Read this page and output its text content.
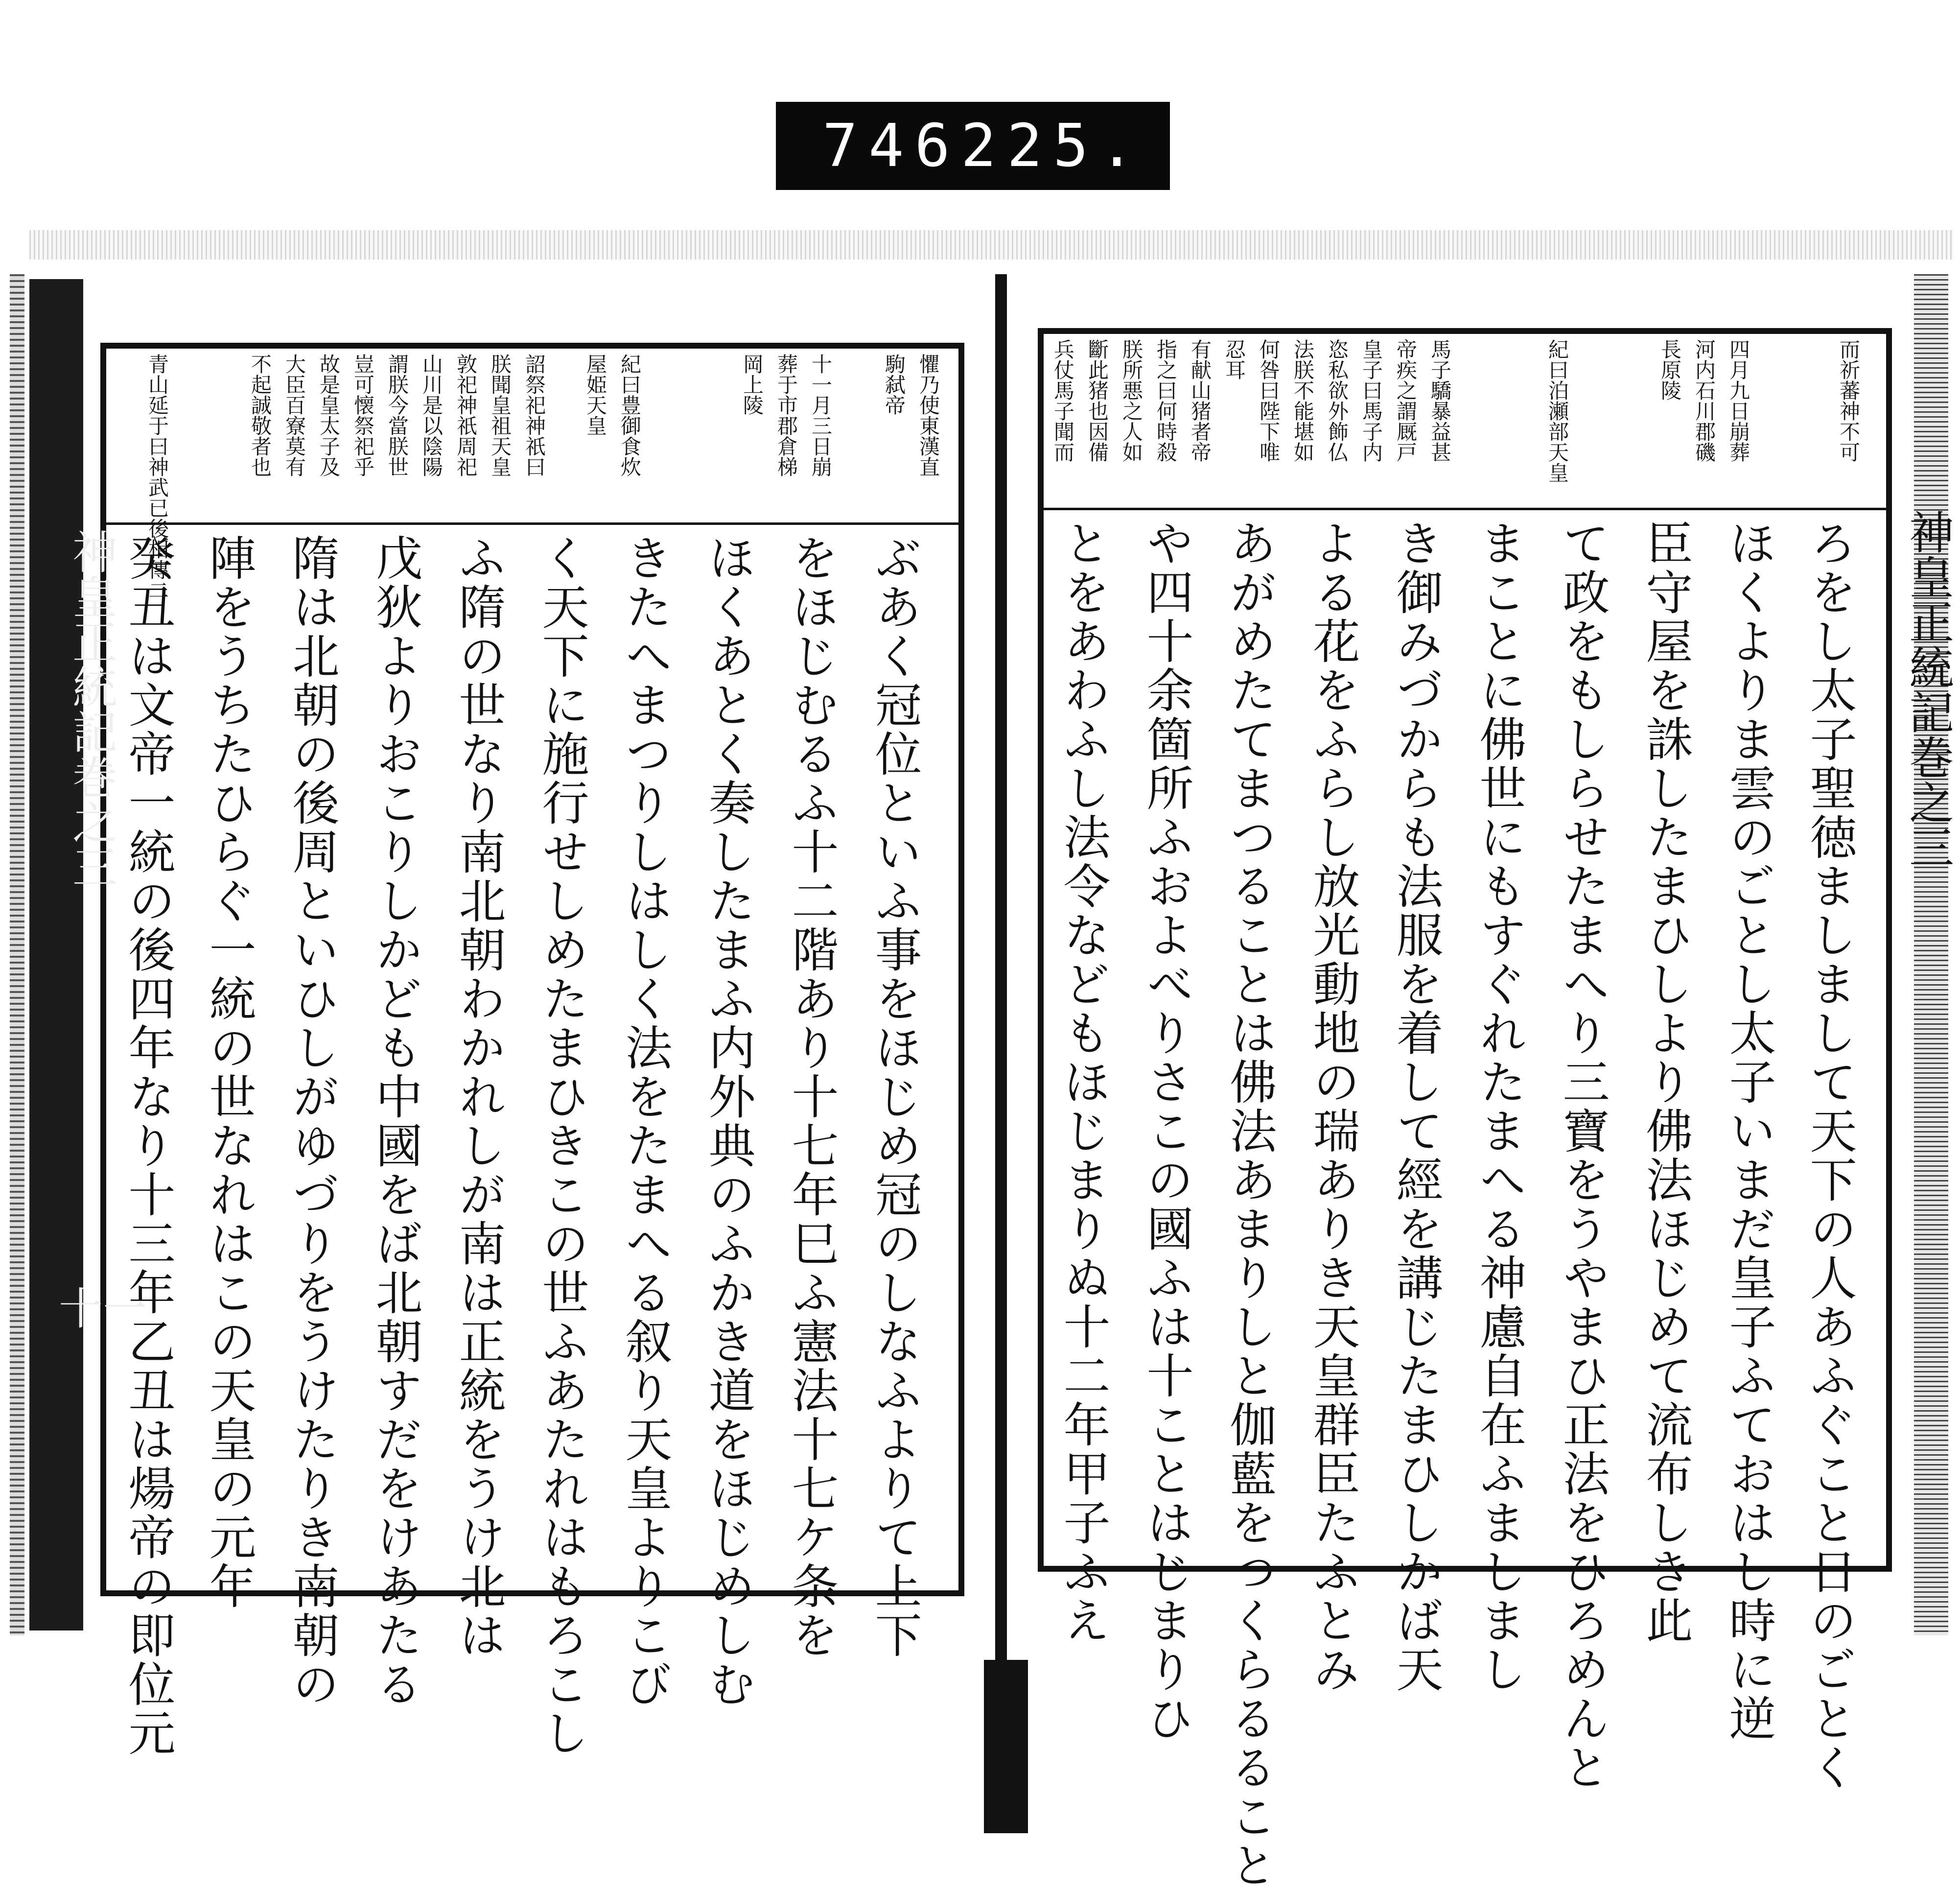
746 225.
神皇正統記巻之三
十一
神皇正統記巻之三
青山延于曰神武已後相傳二	不起誠敬者也 大臣百寮莫有 故是皇太子及 豈可懐祭祀乎 謂朕今當朕世 山川是以陰陽 敦祀神祇周祀 朕聞皇祖天皇 詔祭祀神祇曰 屋姫天皇 紀曰豊御食炊	岡上陵 葬于市郡倉梯 十一月三日崩 駒弑帝 懼乃使東漢直
戊狄よりおこりしかども中國をば北朝すだをけあたる
隋は北朝の後周といひしがゆづりをうけたりき南朝の
陣をうちたひらぐ一統の世なれはこの天皇の元年
癸丑は文帝一統の後四年なり十三年乙丑は煬帝の即位元	ふ隋の世なり南北朝わかれしが南は正統をうけ北は く天下に施行せしめたまひきこの世ふあたれはもろこし きたへまつりしはしく法をたまへる叙り天皇よりこび ほくあとく奏したまふ内外典のふかき道をほじめしむ をほじむるふ十二階あり十七年巳ふ憲法十七ケ条を ぶあく冠位といふ事をほじめ冠のしなふよりて上下
兵仗馬子聞而 斷此猪也因備 朕所悪之人如 指之曰何時殺 有献山猪者帝 忍耳 何咎曰陛下唯 法朕不能堪如 恣私欲外飾仏 皇子曰馬子内 帝疾之謂厩戸 馬子驕暴益甚	紀曰泊瀬部天皇	長原陵 河内石川郡磯 四月九日崩葬	而祈蕃神不可
とをあわふし法令などもほじまりぬ十二年甲子ふえ や四十余箇所ふおよべりさこの國ふは十ことはじまりひ あがめたてまつることは佛法あまりしと伽藍をつくらるること よる花をふらし放光動地の瑞ありき天皇群臣たふとみ き御みづからも法服を着して經を講じたまひしかば天 まことに佛世にもすぐれたまへる神慮自在ふましまし て政をもしらせたまへり三寶をうやまひ正法をひろめんと 臣守屋を誅したまひしより佛法ほじめて流布しき此 ほくよりま雲のごとし太子いまだ皇子ふておはし時に逆 ろをし太子聖徳ましまして天下の人あふぐこと日のごとく
